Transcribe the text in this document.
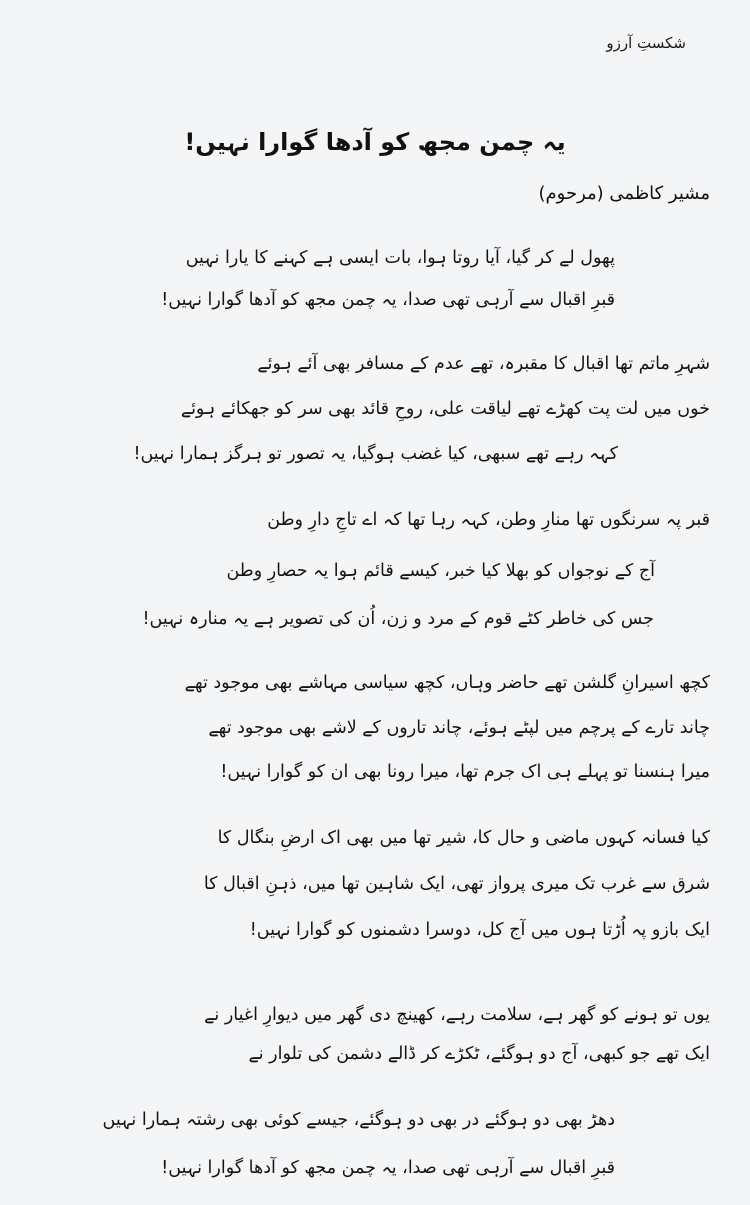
شکستِ آرزو
یہ چمن مجھ کو آدھا گوارا نہیں!
مشیر کاظمی (مرحوم)
پھول لے کر گیا، آیا روتا ہوا، بات ایسی ہے کہنے کا یارا نہیں
قبرِ اقبال سے آرہی تھی صدا، یہ چمن مجھ کو آدھا گوارا نہیں!
شہرِ ماتم تھا اقبال کا مقبرہ، تھے عدم کے مسافر بھی آئے ہوئے
خوں میں لت پت کھڑے تھے لیاقت علی، روحِ قائد بھی سر کو جھکائے ہوئے
کہہ رہے تھے سبھی، کیا غضب ہوگیا، یہ تصور تو ہرگز ہمارا نہیں!
قبر پہ سرنگوں تھا منارِ وطن، کہہ رہا تھا کہ اے تاجِ دارِ وطن
آج کے نوجواں کو بھلا کیا خبر، کیسے قائم ہوا یہ حصارِ وطن
جس کی خاطر کٹے قوم کے مرد و زن، اُن کی تصویر ہے یہ منارہ نہیں!
کچھ اسیرانِ گلشن تھے حاضر وہاں، کچھ سیاسی مہاشے بھی موجود تھے
چاند تارے کے پرچم میں لپٹے ہوئے، چاند تاروں کے لاشے بھی موجود تھے
میرا ہنسنا تو پہلے ہی اک جرم تھا، میرا رونا بھی ان کو گوارا نہیں!
کیا فسانہ کہوں ماضی و حال کا، شیر تھا میں بھی اک ارضِ بنگال کا
شرق سے غرب تک میری پرواز تھی، ایک شاہین تھا میں، ذہنِ اقبال کا
ایک بازو پہ اُڑتا ہوں میں آج کل، دوسرا دشمنوں کو گوارا نہیں!
یوں تو ہونے کو گھر ہے، سلامت رہے، کھینچ دی گھر میں دیوارِ اغیار نے
ایک تھے جو کبھی، آج دو ہوگئے، ٹکڑے کر ڈالے دشمن کی تلوار نے
دھڑ بھی دو ہوگئے در بھی دو ہوگئے، جیسے کوئی بھی رشتہ ہمارا نہیں
قبرِ اقبال سے آرہی تھی صدا، یہ چمن مجھ کو آدھا گوارا نہیں!
